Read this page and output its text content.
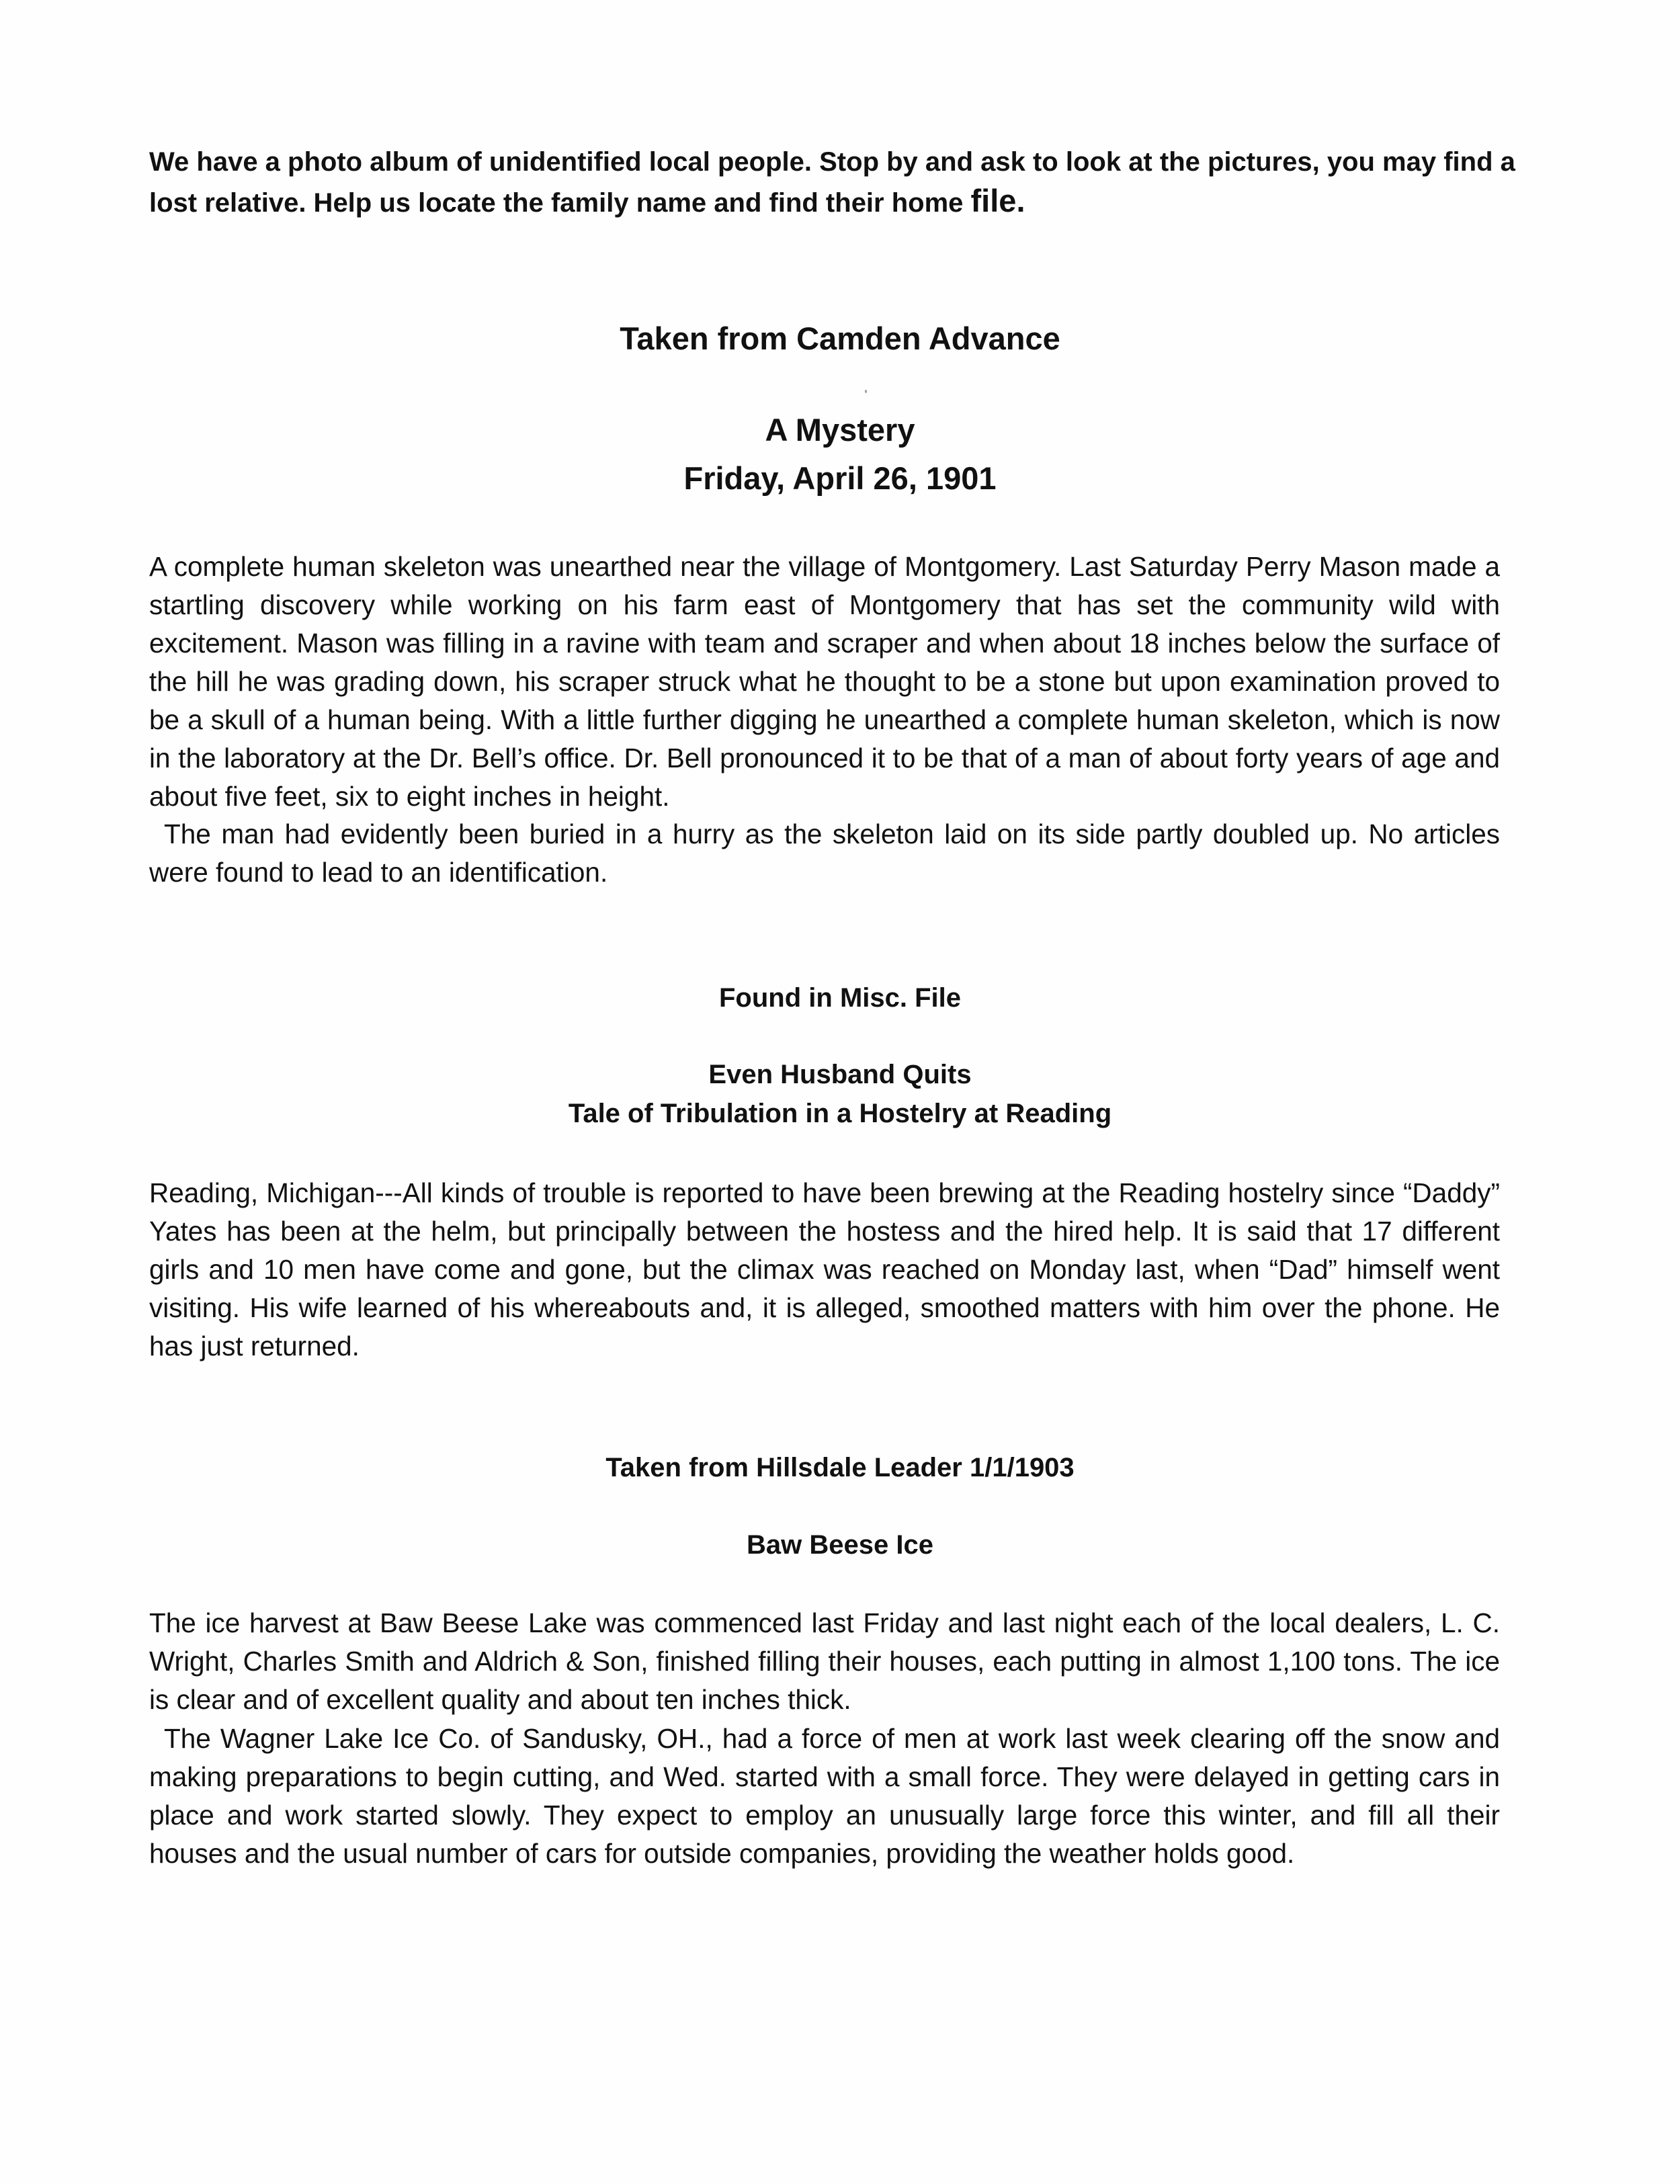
We have a photo album of unidentified local people. Stop by and ask to look at the pictures, you may find a lost relative. Help us locate the family name and find their home file.

Taken from Camden Advance
A Mystery
Friday, April 26, 1901

A complete human skeleton was unearthed near the village of Montgomery. Last Saturday Perry Mason made a startling discovery while working on his farm east of Montgomery that has set the community wild with excitement. Mason was filling in a ravine with team and scraper and when about 18 inches below the surface of the hill he was grading down, his scraper struck what he thought to be a stone but upon examination proved to be a skull of a human being. With a little further digging he unearthed a complete human skeleton, which is now in the laboratory at the Dr. Bell’s office. Dr. Bell pronounced it to be that of a man of about forty years of age and about five feet, six to eight inches in height.

The man had evidently been buried in a hurry as the skeleton laid on its side partly doubled up. No articles were found to lead to an identification.

Found in Misc. File
Even Husband Quits
Tale of Tribulation in a Hostelry at Reading

Reading, Michigan---All kinds of trouble is reported to have been brewing at the Reading hostelry since “Daddy” Yates has been at the helm, but principally between the hostess and the hired help. It is said that 17 different girls and 10 men have come and gone, but the climax was reached on Monday last, when “Dad” himself went visiting. His wife learned of his whereabouts and, it is alleged, smoothed matters with him over the phone. He has just returned.

Taken from Hillsdale Leader 1/1/1903
Baw Beese Ice

The ice harvest at Baw Beese Lake was commenced last Friday and last night each of the local dealers, L. C. Wright, Charles Smith and Aldrich & Son, finished filling their houses, each putting in almost 1,100 tons. The ice is clear and of excellent quality and about ten inches thick.

The Wagner Lake Ice Co. of Sandusky, OH., had a force of men at work last week clearing off the snow and making preparations to begin cutting, and Wed. started with a small force. They were delayed in getting cars in place and work started slowly. They expect to employ an unusually large force this winter, and fill all their houses and the usual number of cars for outside companies, providing the weather holds good.
